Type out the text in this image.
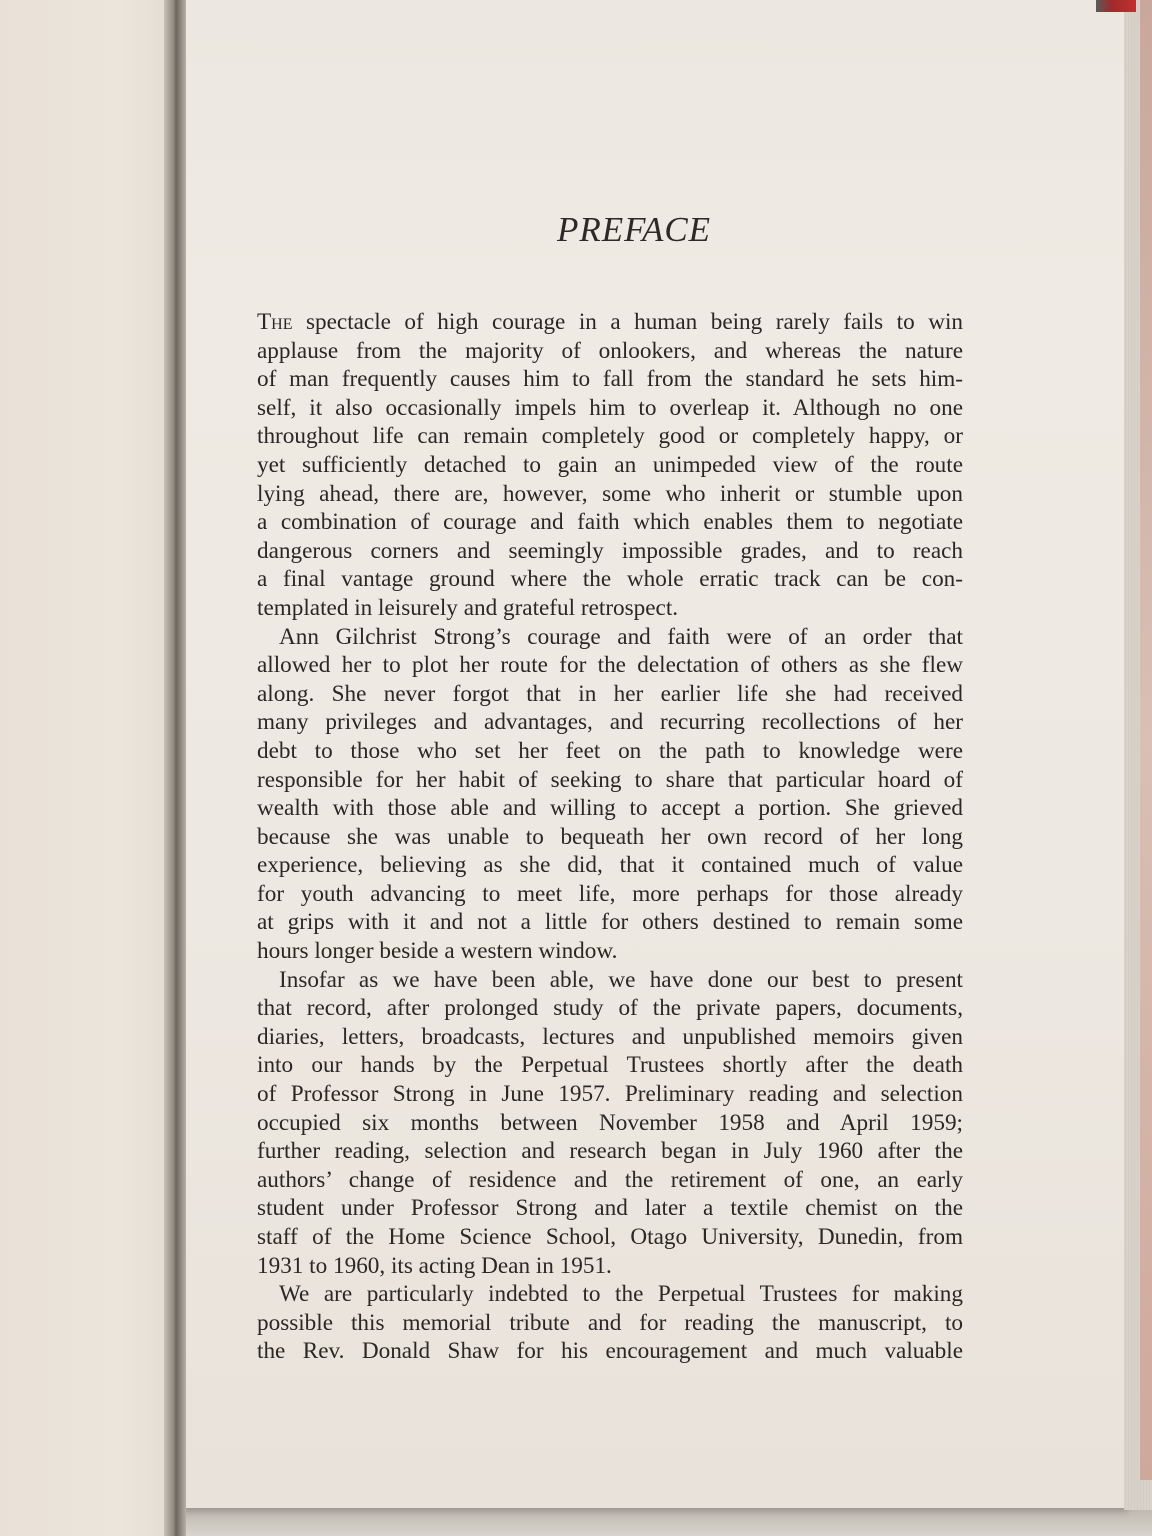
PREFACE

The spectacle of high courage in a human being rarely fails to win
applause from the majority of onlookers, and whereas the nature
of man frequently causes him to fall from the standard he sets him-
self, it also occasionally impels him to overleap it. Although no one
throughout life can remain completely good or completely happy, or
yet sufficiently detached to gain an unimpeded view of the route
lying ahead, there are, however, some who inherit or stumble upon
a combination of courage and faith which enables them to negotiate
dangerous corners and seemingly impossible grades, and to reach
a final vantage ground where the whole erratic track can be con-
templated in leisurely and grateful retrospect.

Ann Gilchrist Strong’s courage and faith were of an order that
allowed her to plot her route for the delectation of others as she flew
along. She never forgot that in her earlier life she had received
many privileges and advantages, and recurring recollections of her
debt to those who set her feet on the path to knowledge were
responsible for her habit of seeking to share that particular hoard of
wealth with those able and willing to accept a portion. She grieved
because she was unable to bequeath her own record of her long
experience, believing as she did, that it contained much of value
for youth advancing to meet life, more perhaps for those already
at grips with it and not a little for others destined to remain some
hours longer beside a western window.

Insofar as we have been able, we have done our best to present
that record, after prolonged study of the private papers, documents,
diaries, letters, broadcasts, lectures and unpublished memoirs given
into our hands by the Perpetual Trustees shortly after the death
of Professor Strong in June 1957. Preliminary reading and selection
occupied six months between November 1958 and April 1959;
further reading, selection and research began in July 1960 after the
authors’ change of residence and the retirement of one, an early
student under Professor Strong and later a textile chemist on the
staff of the Home Science School, Otago University, Dunedin, from
1931 to 1960, its acting Dean in 1951.

We are particularly indebted to the Perpetual Trustees for making
possible this memorial tribute and for reading the manuscript, to
the Rev. Donald Shaw for his encouragement and much valuable
